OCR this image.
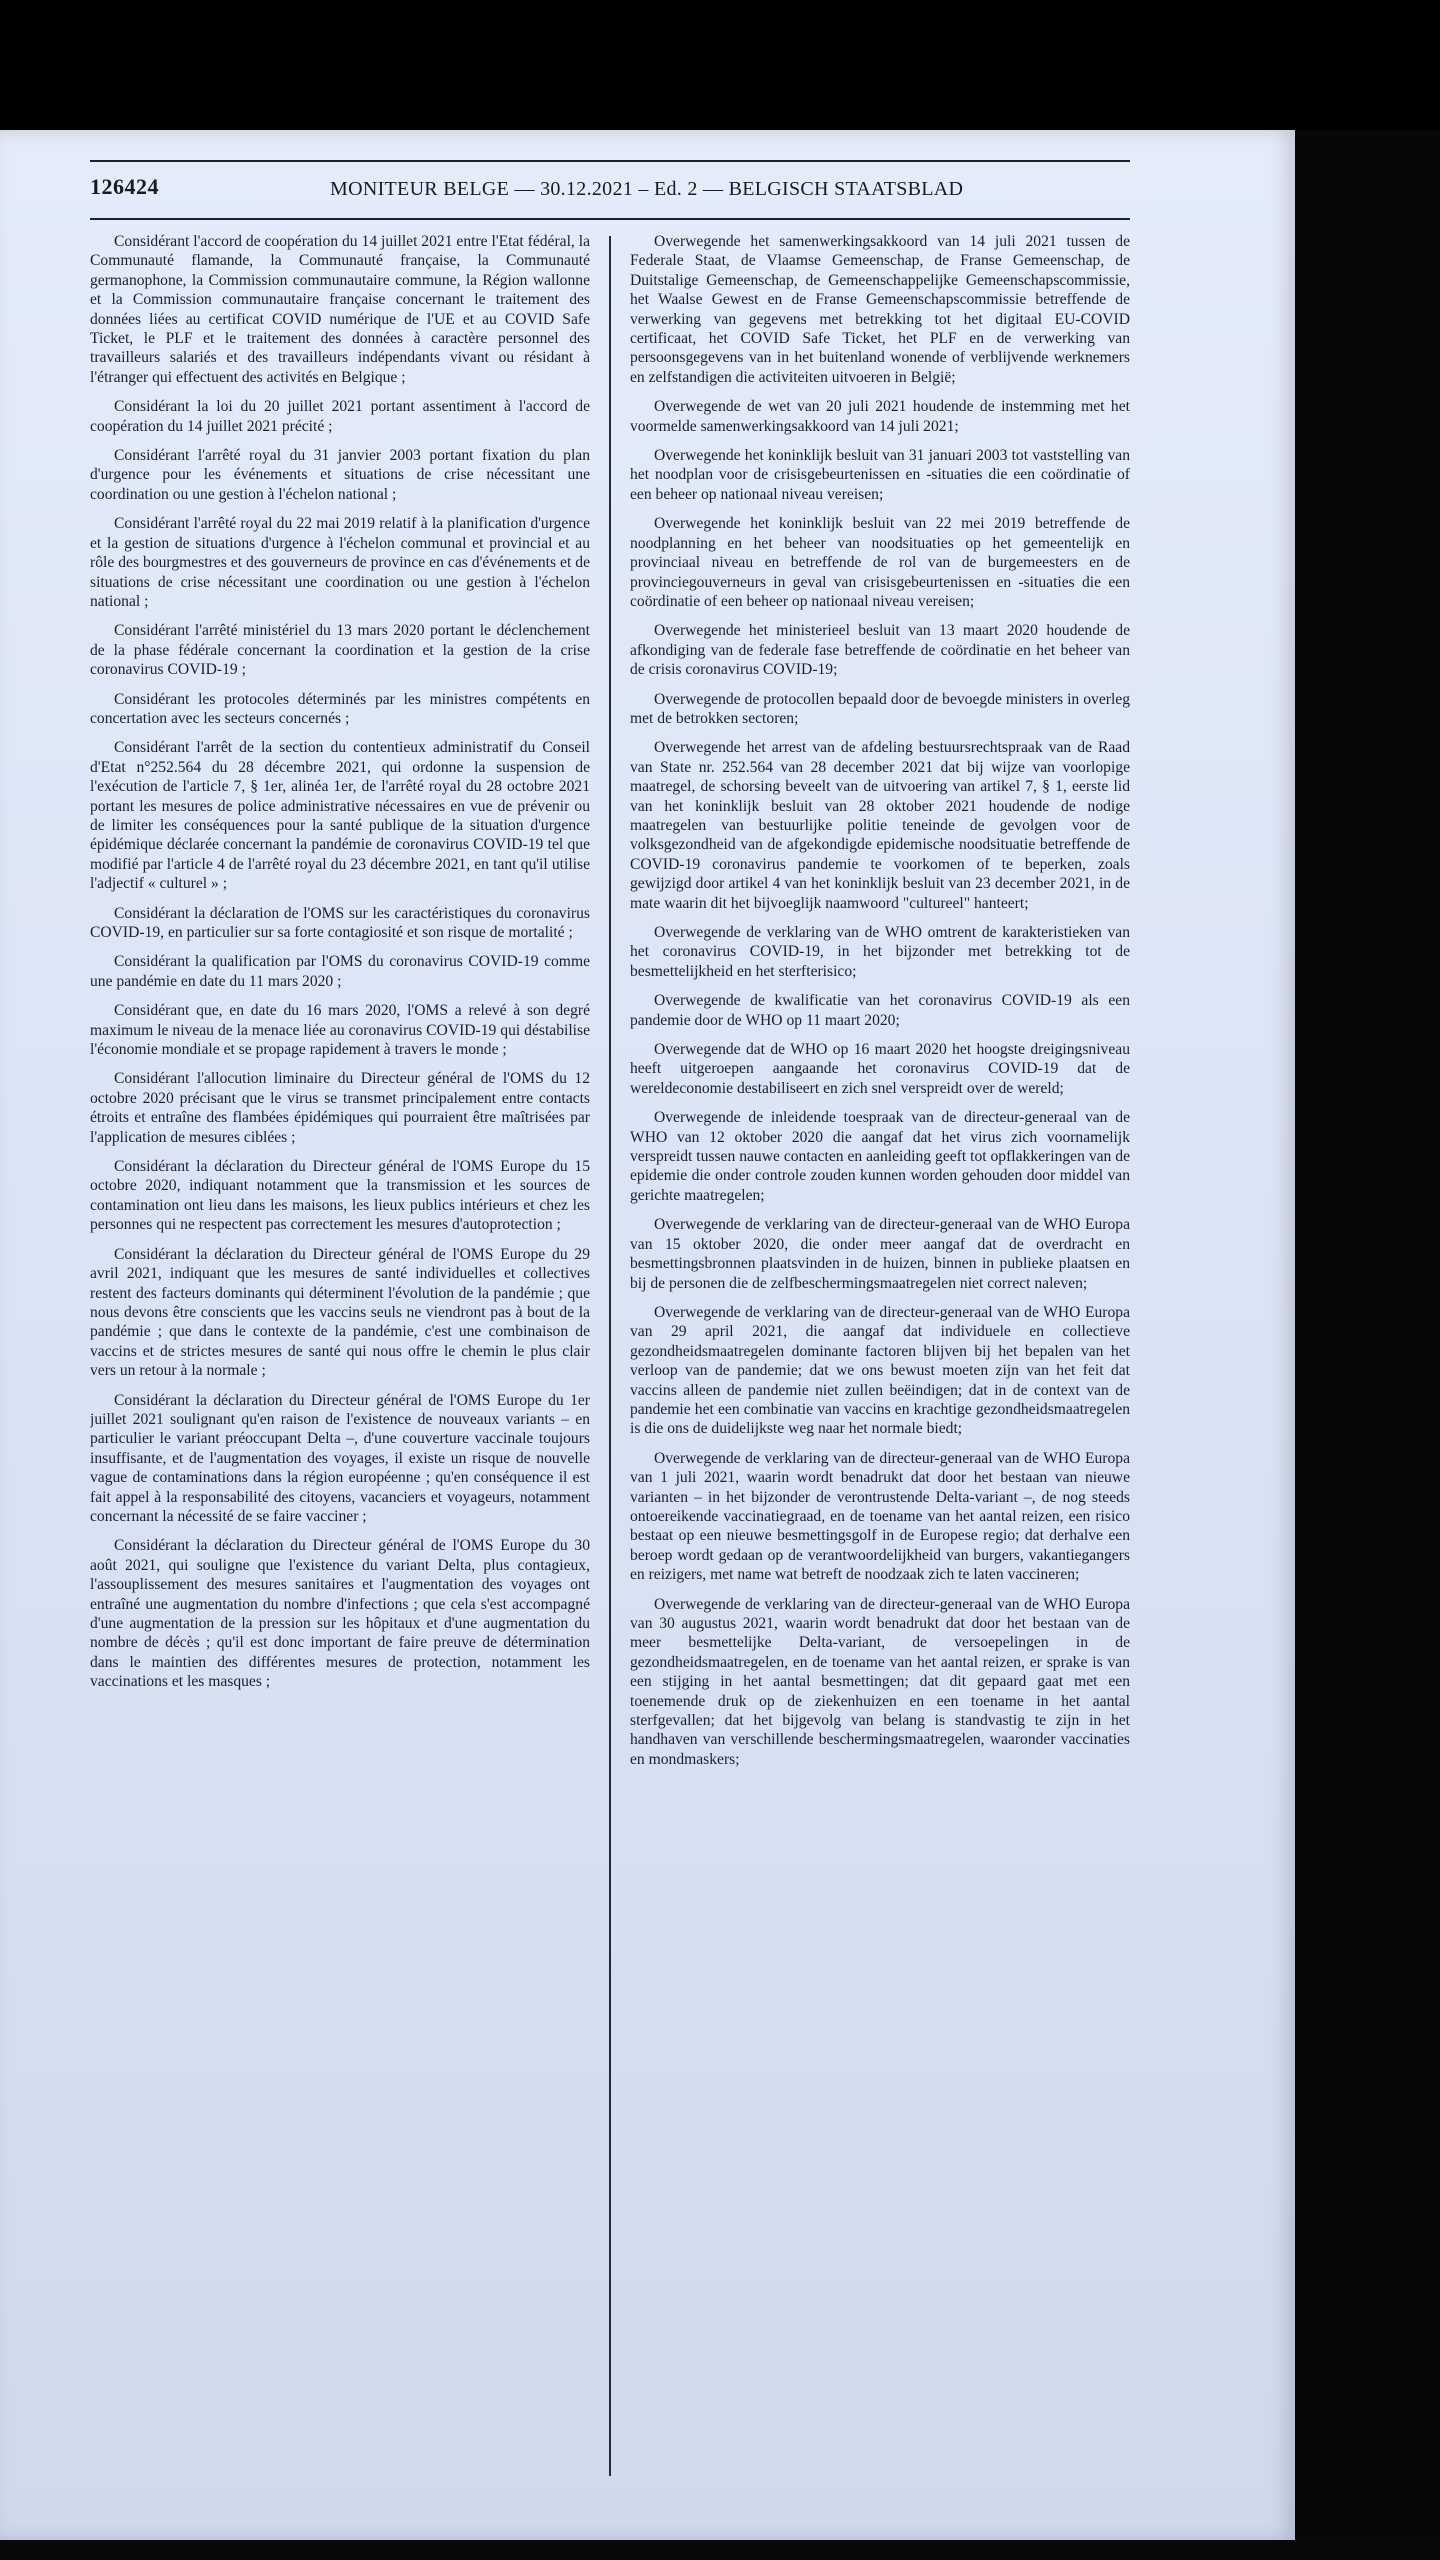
126424	MONITEUR BELGE — 30.12.2021 – Ed. 2 — BELGISCH STAATSBLAD

Considérant l'accord de coopération du 14 juillet 2021 entre l'Etat fédéral, la Communauté flamande, la Communauté française, la Communauté germanophone, la Commission communautaire commune, la Région wallonne et la Commission communautaire française concernant le traitement des données liées au certificat COVID numérique de l'UE et au COVID Safe Ticket, le PLF et le traitement des données à caractère personnel des travailleurs salariés et des travailleurs indépendants vivant ou résidant à l'étranger qui effectuent des activités en Belgique ;

Considérant la loi du 20 juillet 2021 portant assentiment à l'accord de coopération du 14 juillet 2021 précité ;

Considérant l'arrêté royal du 31 janvier 2003 portant fixation du plan d'urgence pour les événements et situations de crise nécessitant une coordination ou une gestion à l'échelon national ;

Considérant l'arrêté royal du 22 mai 2019 relatif à la planification d'urgence et la gestion de situations d'urgence à l'échelon communal et provincial et au rôle des bourgmestres et des gouverneurs de province en cas d'événements et de situations de crise nécessitant une coordination ou une gestion à l'échelon national ;

Considérant l'arrêté ministériel du 13 mars 2020 portant le déclenchement de la phase fédérale concernant la coordination et la gestion de la crise coronavirus COVID-19 ;

Considérant les protocoles déterminés par les ministres compétents en concertation avec les secteurs concernés ;

Considérant l'arrêt de la section du contentieux administratif du Conseil d'Etat n°252.564 du 28 décembre 2021, qui ordonne la suspension de l'exécution de l'article 7, § 1er, alinéa 1er, de l'arrêté royal du 28 octobre 2021 portant les mesures de police administrative nécessaires en vue de prévenir ou de limiter les conséquences pour la santé publique de la situation d'urgence épidémique déclarée concernant la pandémie de coronavirus COVID-19 tel que modifié par l'article 4 de l'arrêté royal du 23 décembre 2021, en tant qu'il utilise l'adjectif « culturel » ;

Considérant la déclaration de l'OMS sur les caractéristiques du coronavirus COVID-19, en particulier sur sa forte contagiosité et son risque de mortalité ;

Considérant la qualification par l'OMS du coronavirus COVID-19 comme une pandémie en date du 11 mars 2020 ;

Considérant que, en date du 16 mars 2020, l'OMS a relevé à son degré maximum le niveau de la menace liée au coronavirus COVID-19 qui déstabilise l'économie mondiale et se propage rapidement à travers le monde ;

Considérant l'allocution liminaire du Directeur général de l'OMS du 12 octobre 2020 précisant que le virus se transmet principalement entre contacts étroits et entraîne des flambées épidémiques qui pourraient être maîtrisées par l'application de mesures ciblées ;

Considérant la déclaration du Directeur général de l'OMS Europe du 15 octobre 2020, indiquant notamment que la transmission et les sources de contamination ont lieu dans les maisons, les lieux publics intérieurs et chez les personnes qui ne respectent pas correctement les mesures d'autoprotection ;

Considérant la déclaration du Directeur général de l'OMS Europe du 29 avril 2021, indiquant que les mesures de santé individuelles et collectives restent des facteurs dominants qui déterminent l'évolution de la pandémie ; que nous devons être conscients que les vaccins seuls ne viendront pas à bout de la pandémie ; que dans le contexte de la pandémie, c'est une combinaison de vaccins et de strictes mesures de santé qui nous offre le chemin le plus clair vers un retour à la normale ;

Considérant la déclaration du Directeur général de l'OMS Europe du 1er juillet 2021 soulignant qu'en raison de l'existence de nouveaux variants – en particulier le variant préoccupant Delta –, d'une couverture vaccinale toujours insuffisante, et de l'augmentation des voyages, il existe un risque de nouvelle vague de contaminations dans la région européenne ; qu'en conséquence il est fait appel à la responsabilité des citoyens, vacanciers et voyageurs, notamment concernant la nécessité de se faire vacciner ;

Considérant la déclaration du Directeur général de l'OMS Europe du 30 août 2021, qui souligne que l'existence du variant Delta, plus contagieux, l'assouplissement des mesures sanitaires et l'augmentation des voyages ont entraîné une augmentation du nombre d'infections ; que cela s'est accompagné d'une augmentation de la pression sur les hôpitaux et d'une augmentation du nombre de décès ; qu'il est donc important de faire preuve de détermination dans le maintien des différentes mesures de protection, notamment les vaccinations et les masques ;

Overwegende het samenwerkingsakkoord van 14 juli 2021 tussen de Federale Staat, de Vlaamse Gemeenschap, de Franse Gemeenschap, de Duitstalige Gemeenschap, de Gemeenschappelijke Gemeenschapscommissie, het Waalse Gewest en de Franse Gemeenschapscommissie betreffende de verwerking van gegevens met betrekking tot het digitaal EU-COVID certificaat, het COVID Safe Ticket, het PLF en de verwerking van persoonsgegevens van in het buitenland wonende of verblijvende werknemers en zelfstandigen die activiteiten uitvoeren in België;

Overwegende de wet van 20 juli 2021 houdende de instemming met het voormelde samenwerkingsakkoord van 14 juli 2021;

Overwegende het koninklijk besluit van 31 januari 2003 tot vaststelling van het noodplan voor de crisisgebeurtenissen en -situaties die een coördinatie of een beheer op nationaal niveau vereisen;

Overwegende het koninklijk besluit van 22 mei 2019 betreffende de noodplanning en het beheer van noodsituaties op het gemeentelijk en provinciaal niveau en betreffende de rol van de burgemeesters en de provinciegouverneurs in geval van crisisgebeurtenissen en -situaties die een coördinatie of een beheer op nationaal niveau vereisen;

Overwegende het ministerieel besluit van 13 maart 2020 houdende de afkondiging van de federale fase betreffende de coördinatie en het beheer van de crisis coronavirus COVID-19;

Overwegende de protocollen bepaald door de bevoegde ministers in overleg met de betrokken sectoren;

Overwegende het arrest van de afdeling bestuursrechtspraak van de Raad van State nr. 252.564 van 28 december 2021 dat bij wijze van voorlopige maatregel, de schorsing beveelt van de uitvoering van artikel 7, § 1, eerste lid van het koninklijk besluit van 28 oktober 2021 houdende de nodige maatregelen van bestuurlijke politie teneinde de gevolgen voor de volksgezondheid van de afgekondigde epidemische noodsituatie betreffende de COVID-19 coronavirus pandemie te voorkomen of te beperken, zoals gewijzigd door artikel 4 van het koninklijk besluit van 23 december 2021, in de mate waarin dit het bijvoeglijk naamwoord "cultureel" hanteert;

Overwegende de verklaring van de WHO omtrent de karakteristieken van het coronavirus COVID-19, in het bijzonder met betrekking tot de besmettelijkheid en het sterfterisico;

Overwegende de kwalificatie van het coronavirus COVID-19 als een pandemie door de WHO op 11 maart 2020;

Overwegende dat de WHO op 16 maart 2020 het hoogste dreigingsniveau heeft uitgeroepen aangaande het coronavirus COVID-19 dat de wereldeconomie destabiliseert en zich snel verspreidt over de wereld;

Overwegende de inleidende toespraak van de directeur-generaal van de WHO van 12 oktober 2020 die aangaf dat het virus zich voornamelijk verspreidt tussen nauwe contacten en aanleiding geeft tot opflakkeringen van de epidemie die onder controle zouden kunnen worden gehouden door middel van gerichte maatregelen;

Overwegende de verklaring van de directeur-generaal van de WHO Europa van 15 oktober 2020, die onder meer aangaf dat de overdracht en besmettingsbronnen plaatsvinden in de huizen, binnen in publieke plaatsen en bij de personen die de zelfbeschermingsmaatregelen niet correct naleven;

Overwegende de verklaring van de directeur-generaal van de WHO Europa van 29 april 2021, die aangaf dat individuele en collectieve gezondheidsmaatregelen dominante factoren blijven bij het bepalen van het verloop van de pandemie; dat we ons bewust moeten zijn van het feit dat vaccins alleen de pandemie niet zullen beëindigen; dat in de context van de pandemie het een combinatie van vaccins en krachtige gezondheidsmaatregelen is die ons de duidelijkste weg naar het normale biedt;

Overwegende de verklaring van de directeur-generaal van de WHO Europa van 1 juli 2021, waarin wordt benadrukt dat door het bestaan van nieuwe varianten – in het bijzonder de verontrustende Delta-variant –, de nog steeds ontoereikende vaccinatiegraad, en de toename van het aantal reizen, een risico bestaat op een nieuwe besmettingsgolf in de Europese regio; dat derhalve een beroep wordt gedaan op de verantwoordelijkheid van burgers, vakantiegangers en reizigers, met name wat betreft de noodzaak zich te laten vaccineren;

Overwegende de verklaring van de directeur-generaal van de WHO Europa van 30 augustus 2021, waarin wordt benadrukt dat door het bestaan van de meer besmettelijke Delta-variant, de versoepelingen in de gezondheidsmaatregelen, en de toename van het aantal reizen, er sprake is van een stijging in het aantal besmettingen; dat dit gepaard gaat met een toenemende druk op de ziekenhuizen en een toename in het aantal sterfgevallen; dat het bijgevolg van belang is standvastig te zijn in het handhaven van verschillende beschermingsmaatregelen, waaronder vaccinaties en mondmaskers;
